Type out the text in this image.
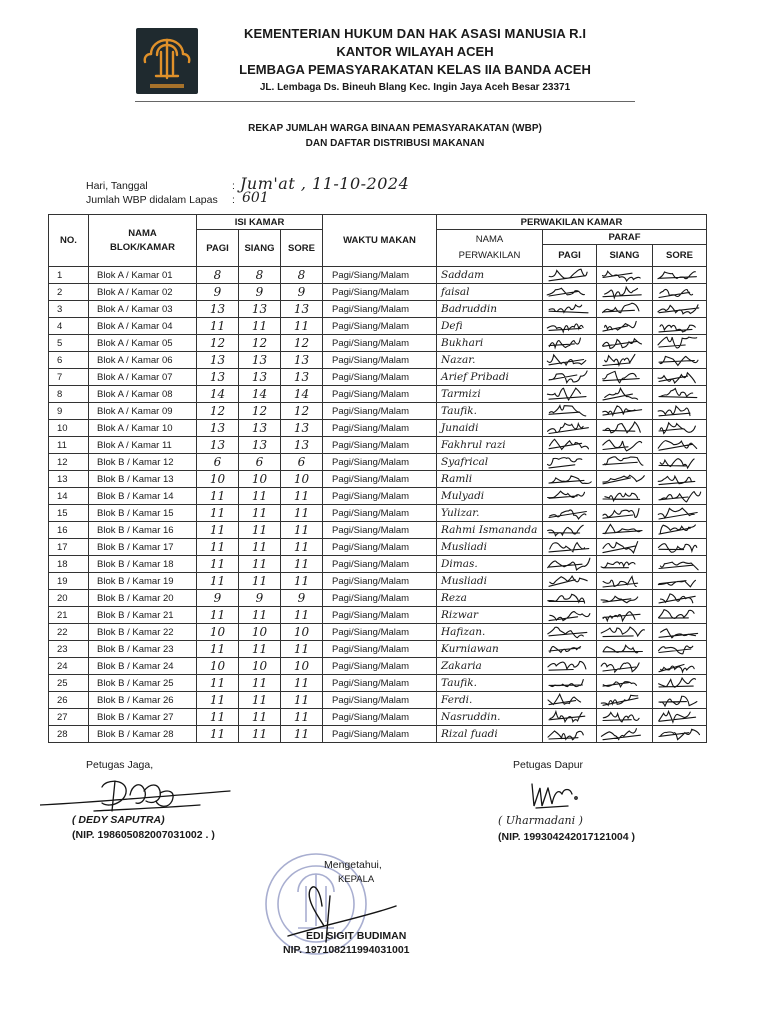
KEMENTERIAN HUKUM DAN HAK ASASI MANUSIA R.I
KANTOR WILAYAH ACEH
LEMBAGA PEMASYARAKATAN KELAS IIA BANDA ACEH
JL. Lembaga Ds. Bineuh Blang Kec. Ingin Jaya Aceh Besar 23371
REKAP JUMLAH WARGA BINAAN PEMASYARAKATAN (WBP)
DAN DAFTAR DISTRIBUSI MAKANAN
Hari, Tanggal
Jumlah WBP didalam Lapas
:
:
Jum'at , 11-10-2024
601
NO.	NAMA BLOK/KAMAR	ISI KAMAR			WAKTU MAKAN	PERWAKILAN KAMAR			
		PAGI	SIANG	SORE		NAMA PERWAKILAN	PARAF		
							PAGI	SIANG	SORE
1	Blok A / Kamar 01	8	8	8	Pagi/Siang/Malam	Saddam	

2	Blok A / Kamar 02	9	9	9	Pagi/Siang/Malam	faisal	

3	Blok A / Kamar 03	13	13	13	Pagi/Siang/Malam	Badruddin	

4	Blok A / Kamar 04	11	11	11	Pagi/Siang/Malam	Defi	

5	Blok A / Kamar 05	12	12	12	Pagi/Siang/Malam	Bukhari	

6	Blok A / Kamar 06	13	13	13	Pagi/Siang/Malam	Nazar.	

7	Blok A / Kamar 07	13	13	13	Pagi/Siang/Malam	Arief Pribadi	

8	Blok A / Kamar 08	14	14	14	Pagi/Siang/Malam	Tarmizi	

9	Blok A / Kamar 09	12	12	12	Pagi/Siang/Malam	Taufik.	

10	Blok A / Kamar 10	13	13	13	Pagi/Siang/Malam	Junaidi	

11	Blok A / Kamar 11	13	13	13	Pagi/Siang/Malam	Fakhrul razi	

12	Blok B / Kamar 12	6	6	6	Pagi/Siang/Malam	Syafrical	

13	Blok B / Kamar 13	10	10	10	Pagi/Siang/Malam	Ramli	

14	Blok B / Kamar 14	11	11	11	Pagi/Siang/Malam	Mulyadi	

15	Blok B / Kamar 15	11	11	11	Pagi/Siang/Malam	Yulizar.	

16	Blok B / Kamar 16	11	11	11	Pagi/Siang/Malam	Rahmi Ismananda	

17	Blok B / Kamar 17	11	11	11	Pagi/Siang/Malam	Musliadi	

18	Blok B / Kamar 18	11	11	11	Pagi/Siang/Malam	Dimas.	

19	Blok B / Kamar 19	11	11	11	Pagi/Siang/Malam	Musliadi	

20	Blok B / Kamar 20	9	9	9	Pagi/Siang/Malam	Reza	

21	Blok B / Kamar 21	11	11	11	Pagi/Siang/Malam	Rizwar	

22	Blok B / Kamar 22	10	10	10	Pagi/Siang/Malam	Hafizan.	

23	Blok B / Kamar 23	11	11	11	Pagi/Siang/Malam	Kurniawan	

24	Blok B / Kamar 24	10	10	10	Pagi/Siang/Malam	Zakaria	

25	Blok B / Kamar 25	11	11	11	Pagi/Siang/Malam	Taufik.	

26	Blok B / Kamar 26	11	11	11	Pagi/Siang/Malam	Ferdi.	

27	Blok B / Kamar 27	11	11	11	Pagi/Siang/Malam	Nasruddin.	

28	Blok B / Kamar 28	11	11	11	Pagi/Siang/Malam	Rizal fuadi	

Petugas Jaga,
( DEDY SAPUTRA)
(NIP. 198605082007031002 . )
Petugas Dapur
( Uharmadani )
(NIP. 199304242017121004 )
Mengetahui,
KEPALA
EDI SIGIT BUDIMAN
NIP. 197108211994031001
